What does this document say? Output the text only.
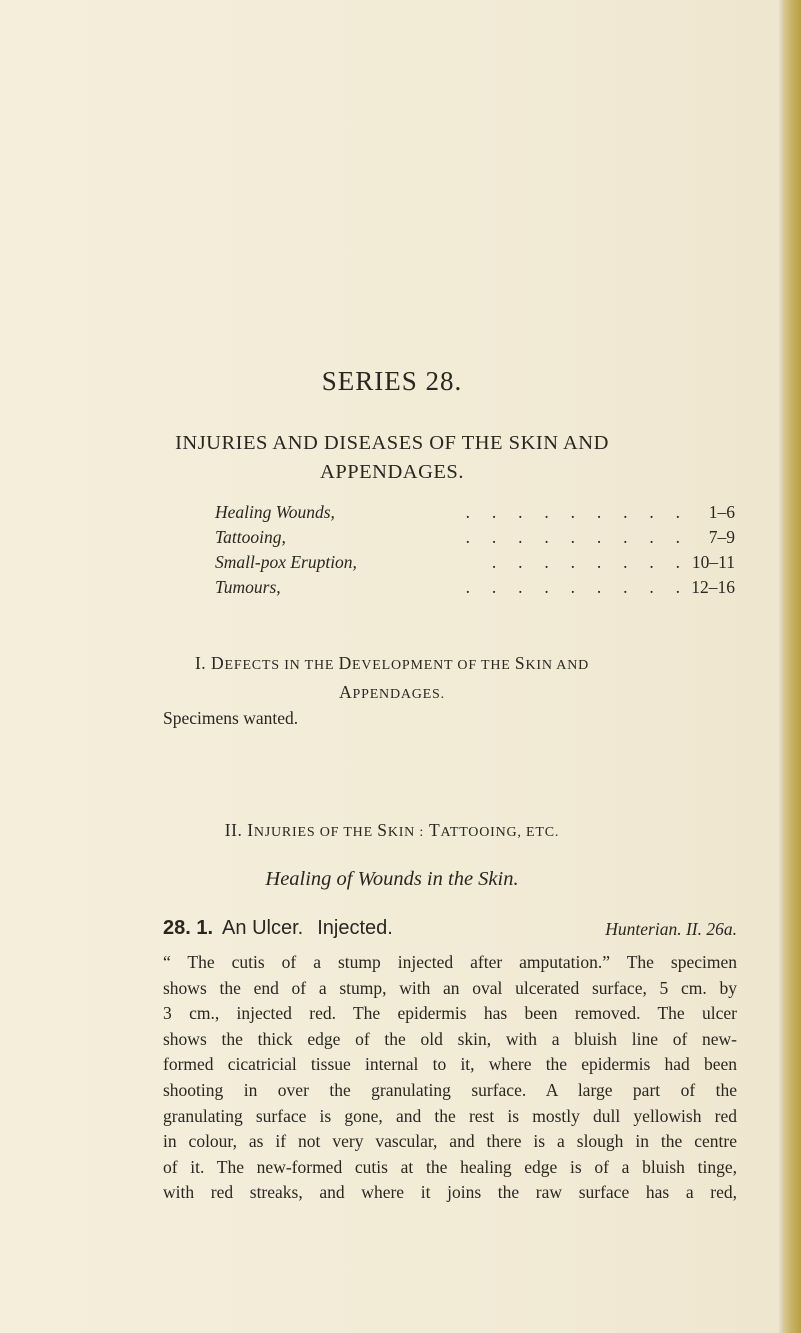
SERIES 28.
INJURIES AND DISEASES OF THE SKIN AND
APPENDAGES.
Healing Wounds,	.     .     .     .     .     .     .     .     .	1–6
Tattooing,	.     .     .     .     .     .     .     .     .	7–9
Small-pox Eruption,	.     .     .     .     .     .     .     . 10–11
Tumours,	.     .     .     .     .     .     .     .     . 12–16
I. DEFECTS IN THE DEVELOPMENT OF THE SKIN AND
APPENDAGES.
Specimens wanted.
II. INJURIES OF THE SKIN : TATTOOING, ETC.
Healing of Wounds in the Skin.
28. 1. An Ulcer. Injected.	Hunterian. II. 26a.
“ The cutis of a stump injected after amputation.” The specimen
shows the end of a stump, with an oval ulcerated surface, 5 cm. by
3 cm., injected red. The epidermis has been removed. The ulcer
shows the thick edge of the old skin, with a bluish line of new-
formed cicatricial tissue internal to it, where the epidermis had been
shooting in over the granulating surface. A large part of the
granulating surface is gone, and the rest is mostly dull yellowish red
in colour, as if not very vascular, and there is a slough in the centre
of it. The new-formed cutis at the healing edge is of a bluish tinge,
with red streaks, and where it joins the raw surface has a red,
